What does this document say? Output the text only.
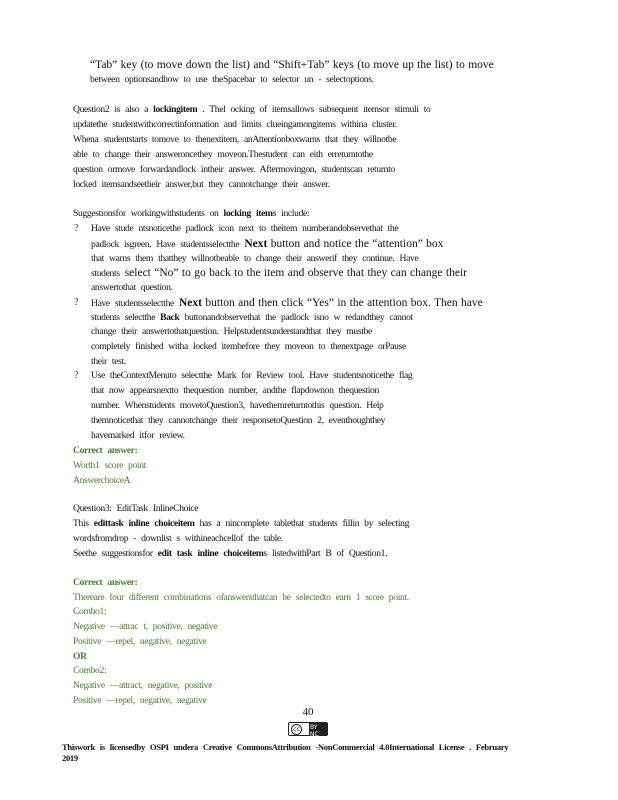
“Tab” key (to move down the list) and “Shift+Tab” keys (to move up the list) to move
between optionsandhow to use theSpacebar to selector un - selectoptions.
Question2 is also a lockingitem . Thel ocking of itemsallows subsequent itemsor stimuli to
updatethe studentwithcorrectinformation and limits clueingamongitems withina cluster.
Whena studentstarts tomove to thenextitem, anAttentionboxwarns that they willnotbe
able to change their answeroncethey moveon.Thestudent can eith erreturntothe
question ormove forwardandlock intheir answer. Aftermovingon, studentscan returnto
locked itemsandseetheir answer,but they cannotchange their answer.
Suggestionsfor workingwithstudents on locking items include:
? Have stude ntsnoticethe padlock icon next to theitem numberandobservethat the
padlock isgreen. Have studentsselectthe Next button and notice the “attention” box
that warns them thatthey willnotbeable to change their answerif they continue. Have
students select “No” to go back to the item and observe that they can change their
answertothat question.
? Have studentsselectthe Next button and then click “Yes” in the attention box. Then have
students selectthe Back buttonandobservethat the padlock isno w redandthey cannot
change their answertothatquestion. Helpstudentsunderstandthat they mustbe
completely finished witha locked itembefore they moveon to thenextpage orPause
their test.
? Use theContextMenuto selectthe Mark for Review tool. Have studentsnoticethe flag
that now appearsnextto thequestion number, andthe flapdownon thequestion
number. Whenstudents movetoQuestion3, havethemreturntothis question. Help
themnoticethat they cannotchange their responsetoQuestion 2, eventhoughthey
havemarked itfor review.
Correct answer:
Worth1 score point
AnswerchoiceA
Question3: EditTask InlineChoice
This edittask inline choiceitem has a nincomplete tablethat students fillin by selecting
wordsfromdrop - downlist s withineachcellof the table.
Seethe suggestionsfor edit task inline choiceitems listedwithPart B of Question1.
Correct answer:
Thereare four different combinations ofanswersthatcan be selectedto earn 1 score point.
Combo1:
Negative —attrac t, positive, negative
Positive —repel, negative, negative
OR
Combo2:
Negative —attract, negative, positive
Positive —repel, negative, negative
40
cc	BY NC
Thiswork is licensedby OSPI undera Creative CommonsAttribution -NonCommercial 4.0International License . February
2019
